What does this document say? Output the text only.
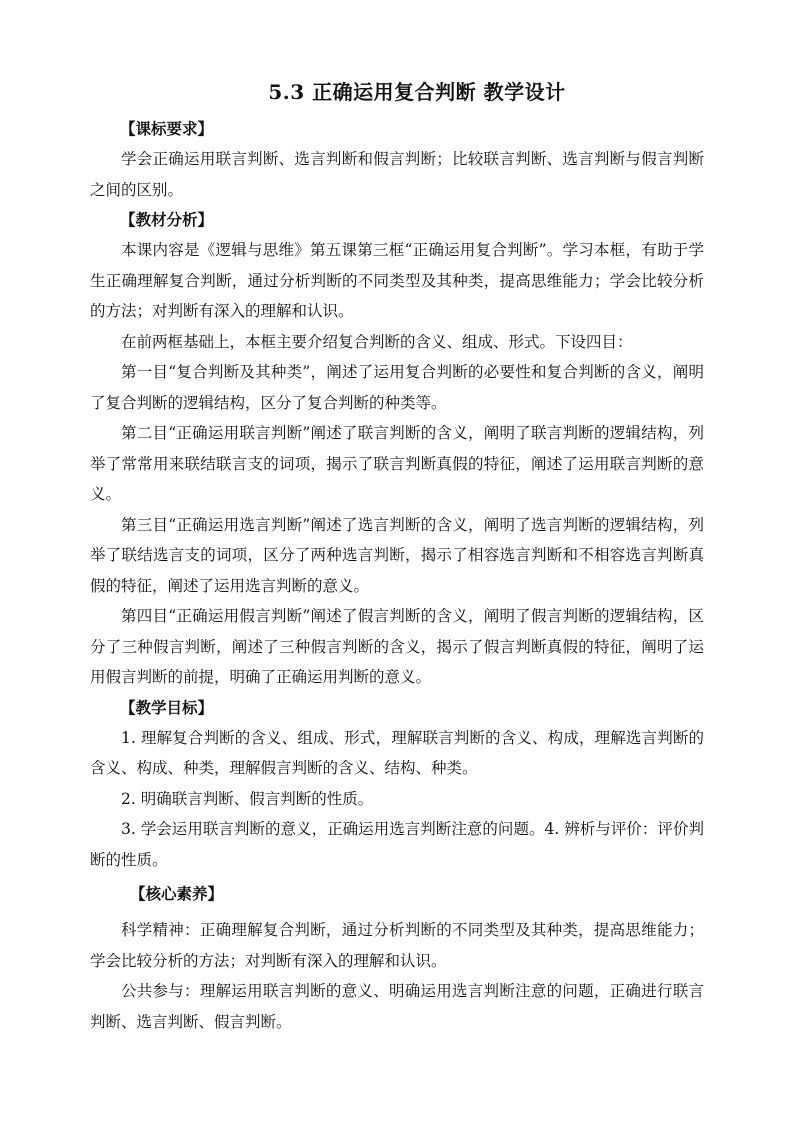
5.3 正确运用复合判断 教学设计

【课标要求】

学会正确运用联言判断、选言判断和假言判断；比较联言判断、选言判断与假言判断之间的区别。

【教材分析】

本课内容是《逻辑与思维》第五课第三框“正确运用复合判断”。学习本框，有助于学生正确理解复合判断，通过分析判断的不同类型及其种类，提高思维能力；学会比较分析的方法；对判断有深入的理解和认识。

在前两框基础上，本框主要介绍复合判断的含义、组成、形式。下设四目：

第一目“复合判断及其种类”，阐述了运用复合判断的必要性和复合判断的含义，阐明了复合判断的逻辑结构，区分了复合判断的种类等。

第二目“正确运用联言判断”阐述了联言判断的含义，阐明了联言判断的逻辑结构，列举了常常用来联结联言支的词项，揭示了联言判断真假的特征，阐述了运用联言判断的意义。

第三目“正确运用选言判断”阐述了选言判断的含义，阐明了选言判断的逻辑结构，列举了联结选言支的词项，区分了两种选言判断，揭示了相容选言判断和不相容选言判断真假的特征，阐述了运用选言判断的意义。

第四目“正确运用假言判断”阐述了假言判断的含义，阐明了假言判断的逻辑结构，区分了三种假言判断，阐述了三种假言判断的含义，揭示了假言判断真假的特征，阐明了运用假言判断的前提，明确了正确运用判断的意义。

【教学目标】

1. 理解复合判断的含义、组成、形式，理解联言判断的含义、构成，理解选言判断的含义、构成、种类，理解假言判断的含义、结构、种类。

2. 明确联言判断、假言判断的性质。

3. 学会运用联言判断的意义，正确运用选言判断注意的问题。4. 辨析与评价：评价判断的性质。

【核心素养】

科学精神：正确理解复合判断，通过分析判断的不同类型及其种类，提高思维能力；学会比较分析的方法；对判断有深入的理解和认识。

公共参与：理解运用联言判断的意义、明确运用选言判断注意的问题，正确进行联言判断、选言判断、假言判断。
